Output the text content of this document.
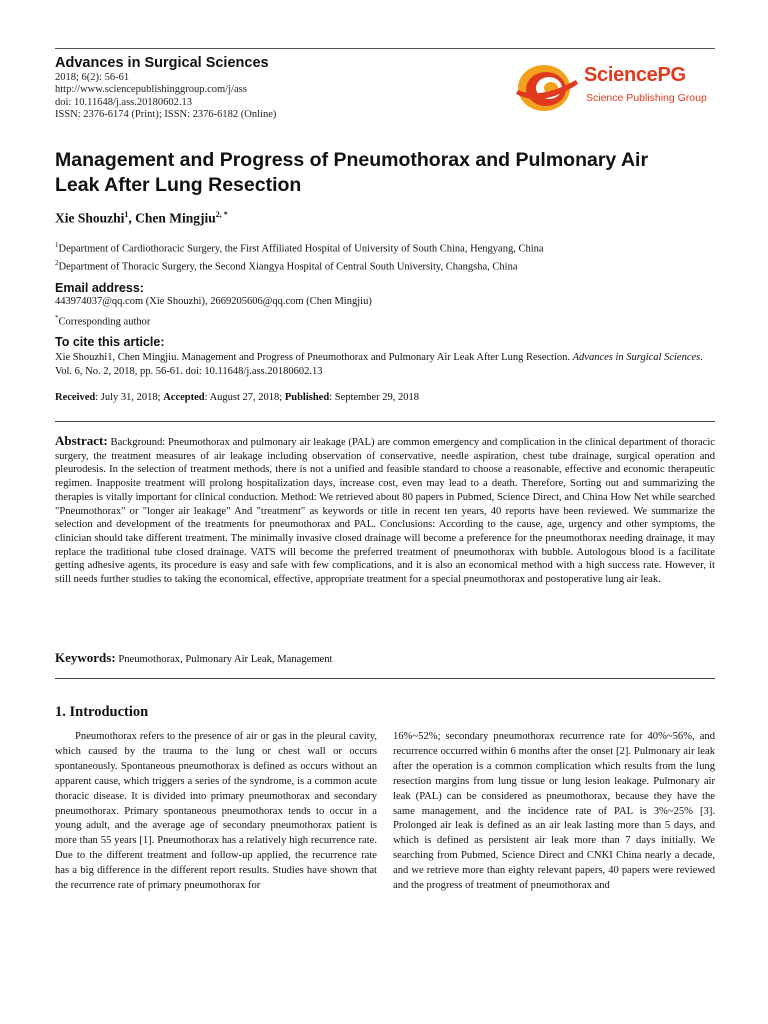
Advances in Surgical Sciences
2018; 6(2): 56-61
http://www.sciencepublishinggroup.com/j/ass
doi: 10.11648/j.ass.20180602.13
ISSN: 2376-6174 (Print); ISSN: 2376-6182 (Online)
SciencePG
Science Publishing Group
Management and Progress of Pneumothorax and Pulmonary Air Leak After Lung Resection
Xie Shouzhi$^1$, Chen Mingjiu$^{2, *}$
$^1$Department of Cardiothoracic Surgery, the First Affiliated Hospital of University of South China, Hengyang, China
$^2$Department of Thoracic Surgery, the Second Xiangya Hospital of Central South University, Changsha, China
Email address:
443974037@qq.com (Xie Shouzhi), 2669205606@qq.com (Chen Mingjiu)
*Corresponding author
To cite this article:
Xie Shouzhi1, Chen Mingjiu. Management and Progress of Pneumothorax and Pulmonary Air Leak After Lung Resection. Advances in Surgical Sciences. Vol. 6, No. 2, 2018, pp. 56-61. doi: 10.11648/j.ass.20180602.13
Received: July 31, 2018; Accepted: August 27, 2018; Published: September 29, 2018
Abstract: Background: Pneumothorax and pulmonary air leakage (PAL) are common emergency and complication in the clinical department of thoracic surgery, the treatment measures of air leakage including observation of conservative, needle aspiration, chest tube drainage, surgical operation and pleurodesis. In the selection of treatment methods, there is not a unified and feasible standard to choose a reasonable, effective and economic therapeutic regimen. Inapposite treatment will prolong hospitalization days, increase cost, even may lead to a death. Therefore, Sorting out and summarizing the therapies is vitally important for clinical conduction. Method: We retrieved about 80 papers in Pubmed, Science Direct, and China How Net while searched "Pneumothorax" or "longer air leakage" And "treatment" as keywords or title in recent ten years, 40 reports have been reviewed. We summarize the selection and development of the treatments for pneumothorax and PAL. Conclusions: According to the cause, age, urgency and other symptoms, the clinician should take different treatment. The minimally invasive closed drainage will become a preference for the pneumothorax needing drainage, it may replace the traditional tube closed drainage. VATS will become the preferred treatment of pneumothorax with bubble. Autologous blood is a facilitate getting adhesive agents, its procedure is easy and safe with few complications, and it is also an economical method with a high success rate. However, it still needs further studies to taking the economical, effective, appropriate treatment for a special pneumothorax and postoperative lung air leak.
Keywords: Pneumothorax, Pulmonary Air Leak, Management
1. Introduction
Pneumothorax refers to the presence of air or gas in the pleural cavity, which caused by the trauma to the lung or chest wall or occurs spontaneously. Spontaneous pneumothorax is defined as occurs without an apparent cause, which triggers a series of the syndrome, is a common acute thoracic disease. It is divided into primary pneumothorax and secondary pneumothorax. Primary spontaneous pneumothorax tends to occur in a young adult, and the average age of secondary pneumothorax patient is more than 55 years [1]. Pneumothorax has a relatively high recurrence rate. Due to the different treatment and follow-up applied, the recurrence rate has a big difference in the different report results. Studies have shown that the recurrence rate of primary pneumothorax for
16%~52%; secondary pneumothorax recurrence rate for 40%~56%, and recurrence occurred within 6 months after the onset [2]. Pulmonary air leak after the operation is a common complication which results from the lung resection margins from lung tissue or lung lesion leakage. Pulmonary air leak (PAL) can be considered as pneumothorax, because they have the same management, and the incidence rate of PAL is 3%~25% [3]. Prolonged air leak is defined as an air leak lasting more than 5 days, and which is defined as persistent air leak more than 7 days initially. We searching from Pubmed, Science Direct and CNKI China nearly a decade, and we retrieve more than eighty relevant papers, 40 papers were reviewed and the progress of treatment of pneumothorax and
